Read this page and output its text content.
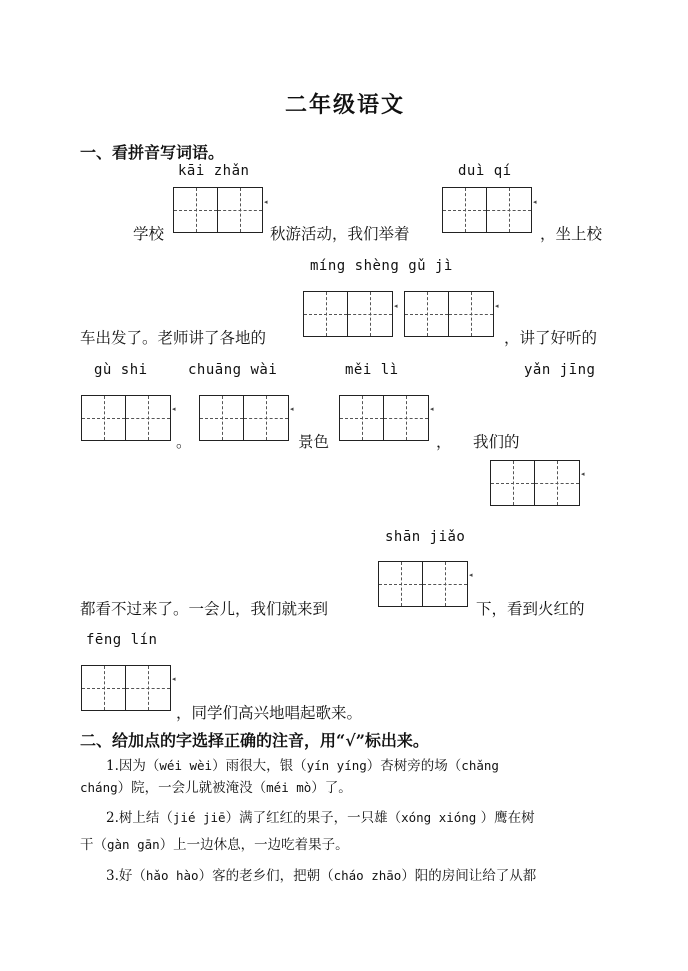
二年级语文
一、看拼音写词语。
kāi zhǎn	duì qí
学校
◂
秋游活动，我们举着
◂
，坐上校
míng shèng gǔ jì
车出发了。老师讲了各地的
◂	◂
，讲了好听的
gù shi	chuāng wài	měi lì	yǎn jīng
◂
。
◂
景色
◂
， 我们的
◂
shān jiǎo
都看不过来了。一会儿，我们就来到
◂
下，看到火红的
fēng lín
◂
，同学们高兴地唱起歌来。
二、给加点的字选择正确的注音，用“√”标出来。
1.因为（wéi wèi）雨很大，银（yín yíng）杏树旁的场（chǎng
cháng）院，一会儿就被淹没（méi mò）了。
2.树上结（jié jiē）满了红红的果子，一只雄（xóng xióng ）鹰在树
干（gàn gān）上一边休息，一边吃着果子。
3.好（hǎo hào）客的老乡们，把朝（cháo zhāo）阳的房间让给了从都
